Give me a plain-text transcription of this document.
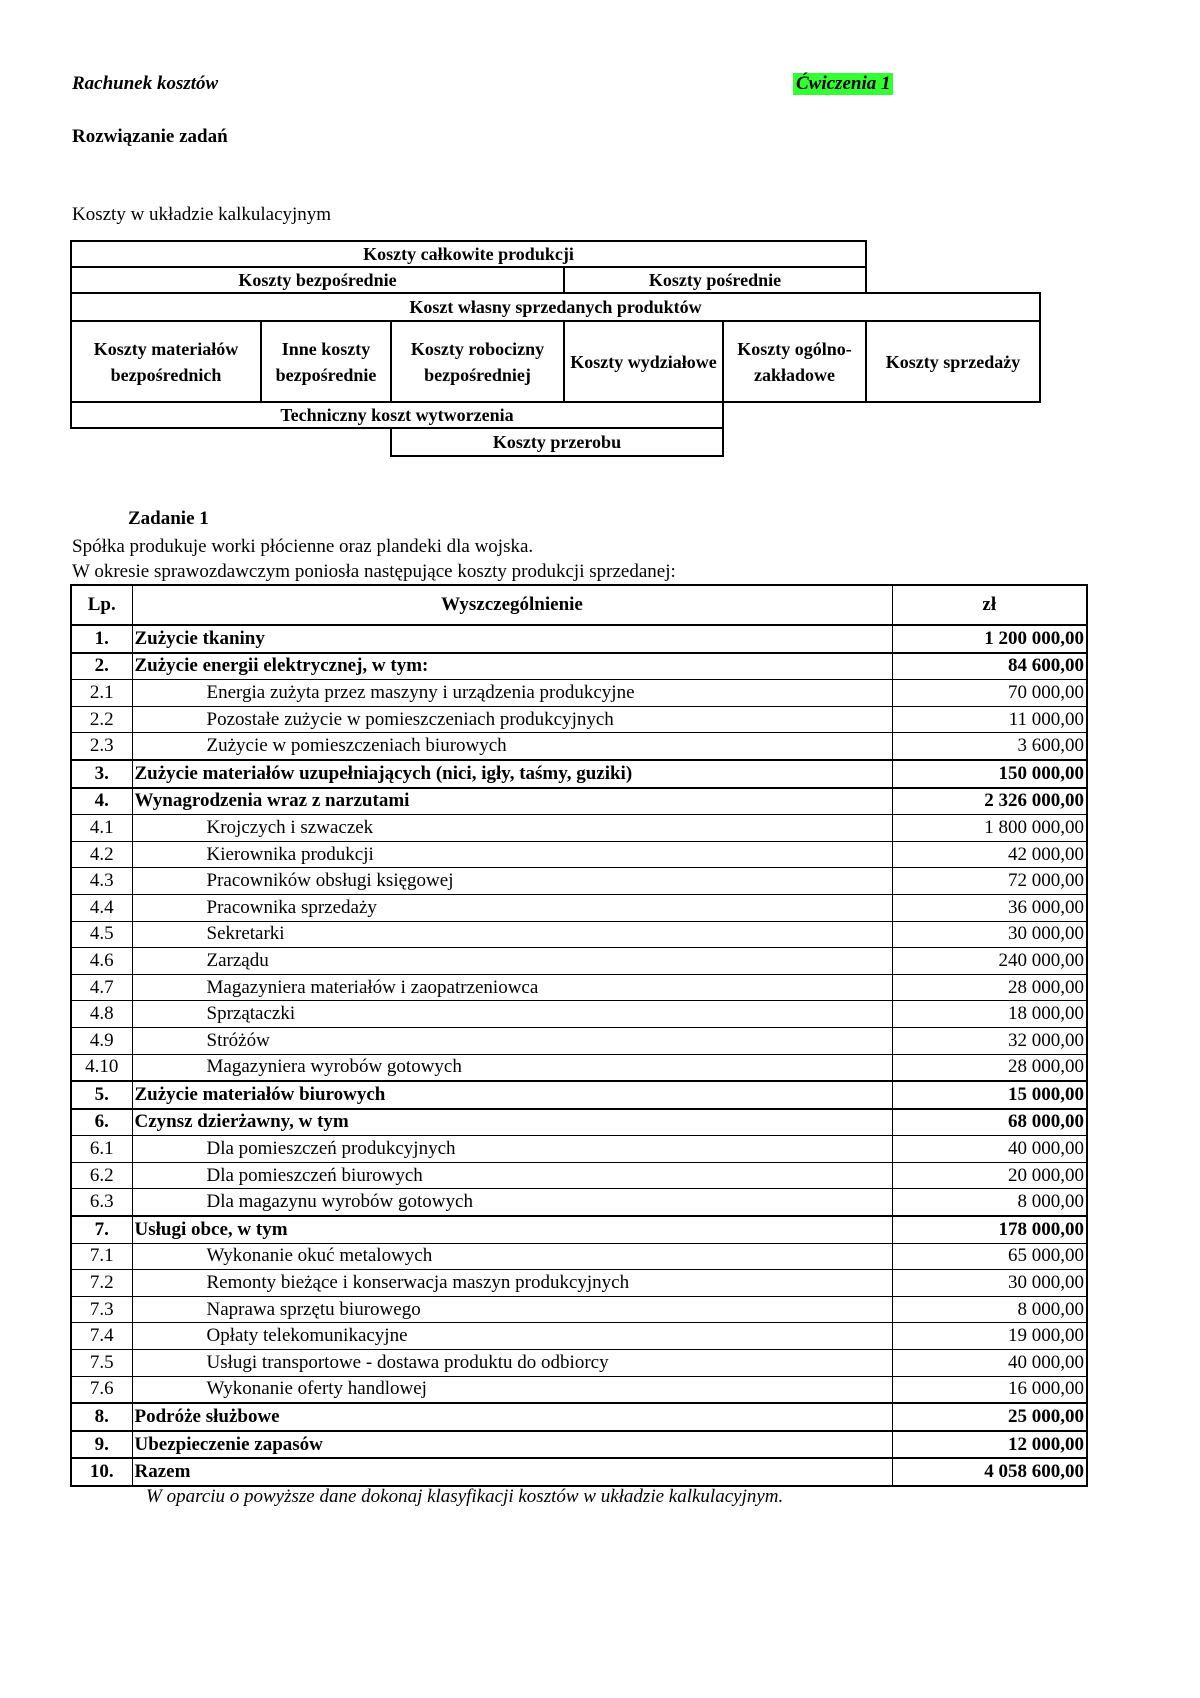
Rachunek kosztów	Ćwiczenia 1
Rozwiązanie zadań
Koszty w układzie kalkulacyjnym
Koszty całkowite produkcji
Koszty bezpośrednie	Koszty pośrednie
Koszt własny sprzedanych produktów
Koszty materiałów bezpośrednich
Inne koszty bezpośrednie
Koszty robocizny bezpośredniej
Koszty wydziałowe
Koszty ogólno-zakładowe
Koszty sprzedaży
Techniczny koszt wytworzenia
Koszty przerobu
Zadanie 1
Spółka produkuje worki płócienne oraz plandeki dla wojska.
W okresie sprawozdawczym poniosła następujące koszty produkcji sprzedanej:
Lp.	Wyszczególnienie	zł
1.	Zużycie tkaniny	1 200 000,00
2.	Zużycie energii elektrycznej, w tym:	84 600,00
2.1	Energia zużyta przez maszyny i urządzenia produkcyjne	70 000,00
2.2	Pozostałe zużycie w pomieszczeniach produkcyjnych	11 000,00
2.3	Zużycie w pomieszczeniach biurowych	3 600,00
3.	Zużycie materiałów uzupełniających (nici, igły, taśmy, guziki)	150 000,00
4.	Wynagrodzenia wraz z narzutami	2 326 000,00
4.1	Krojczych i szwaczek	1 800 000,00
4.2	Kierownika produkcji	42 000,00
4.3	Pracowników obsługi księgowej	72 000,00
4.4	Pracownika sprzedaży	36 000,00
4.5	Sekretarki	30 000,00
4.6	Zarządu	240 000,00
4.7	Magazyniera materiałów i zaopatrzeniowca	28 000,00
4.8	Sprzątaczki	18 000,00
4.9	Stróżów	32 000,00
4.10	Magazyniera wyrobów gotowych	28 000,00
5.	Zużycie materiałów biurowych	15 000,00
6.	Czynsz dzierżawny, w tym	68 000,00
6.1	Dla pomieszczeń produkcyjnych	40 000,00
6.2	Dla pomieszczeń biurowych	20 000,00
6.3	Dla magazynu wyrobów gotowych	8 000,00
7.	Usługi obce, w tym	178 000,00
7.1	Wykonanie okuć metalowych	65 000,00
7.2	Remonty bieżące i konserwacja maszyn produkcyjnych	30 000,00
7.3	Naprawa sprzętu biurowego	8 000,00
7.4	Opłaty telekomunikacyjne	19 000,00
7.5	Usługi transportowe - dostawa produktu do odbiorcy	40 000,00
7.6	Wykonanie oferty handlowej	16 000,00
8.	Podróże służbowe	25 000,00
9.	Ubezpieczenie zapasów	12 000,00
10.	Razem	4 058 600,00
W oparciu o powyższe dane dokonaj klasyfikacji kosztów w układzie kalkulacyjnym.
